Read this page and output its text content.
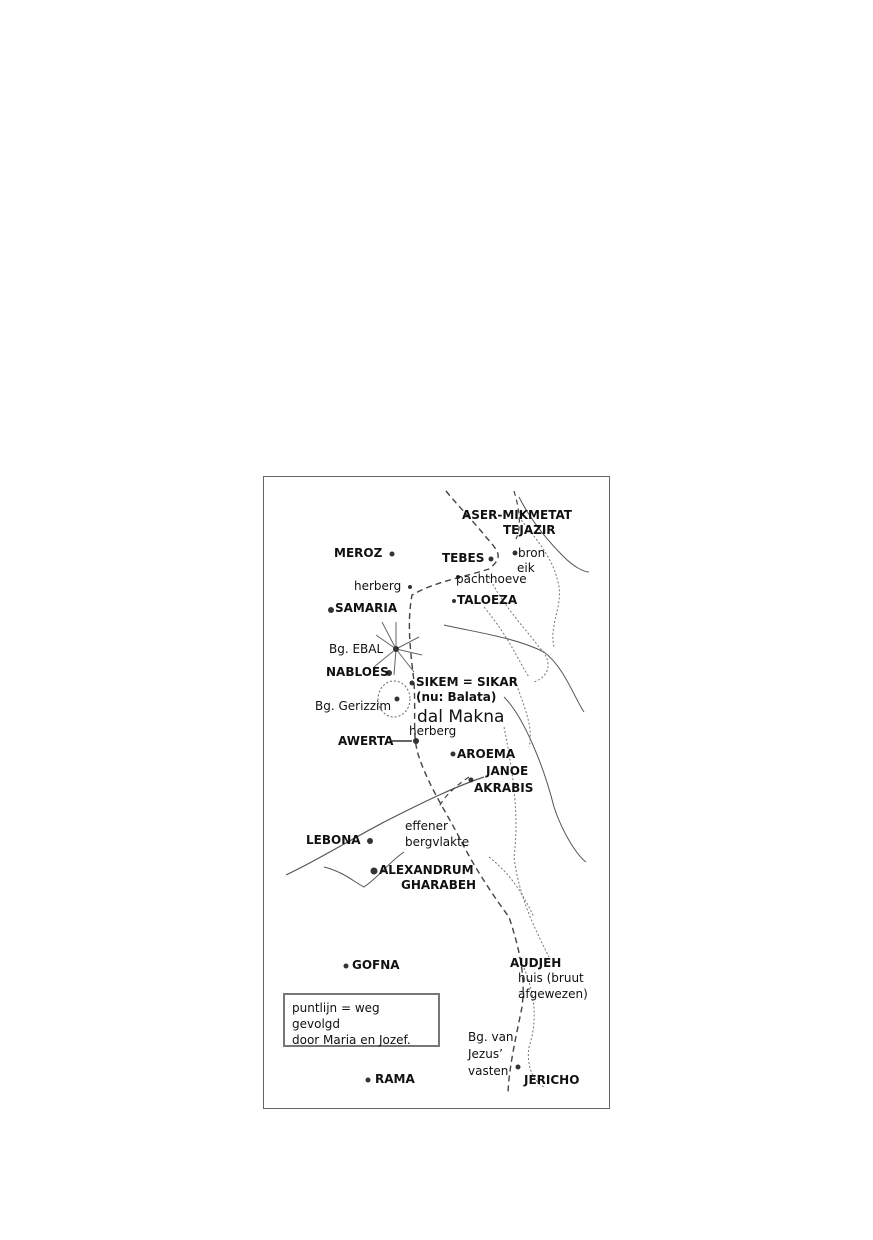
ASER-MIKMETAT
TEJAZIR
MEROZ	TEBES	bron
eik
pachthoeve
herberg
SAMARIA
TALOEZA
Bg. EBAL
NABLOES
SIKEM = SIKAR
(nu: Balata)
Bg. Gerizzim
dal Makna
herberg
AWERTA
AROEMA
JANOE
AKRABIS
effener
bergvlakte
LEBONA
ALEXANDRUM
GHARABEH
GOFNA	AUDJEH
huis (bruut
afgewezen)
Bg. van
Jezus’
vasten
JERICHO
RAMA
puntlijn = weg gevolgd
door Maria en Jozef.
